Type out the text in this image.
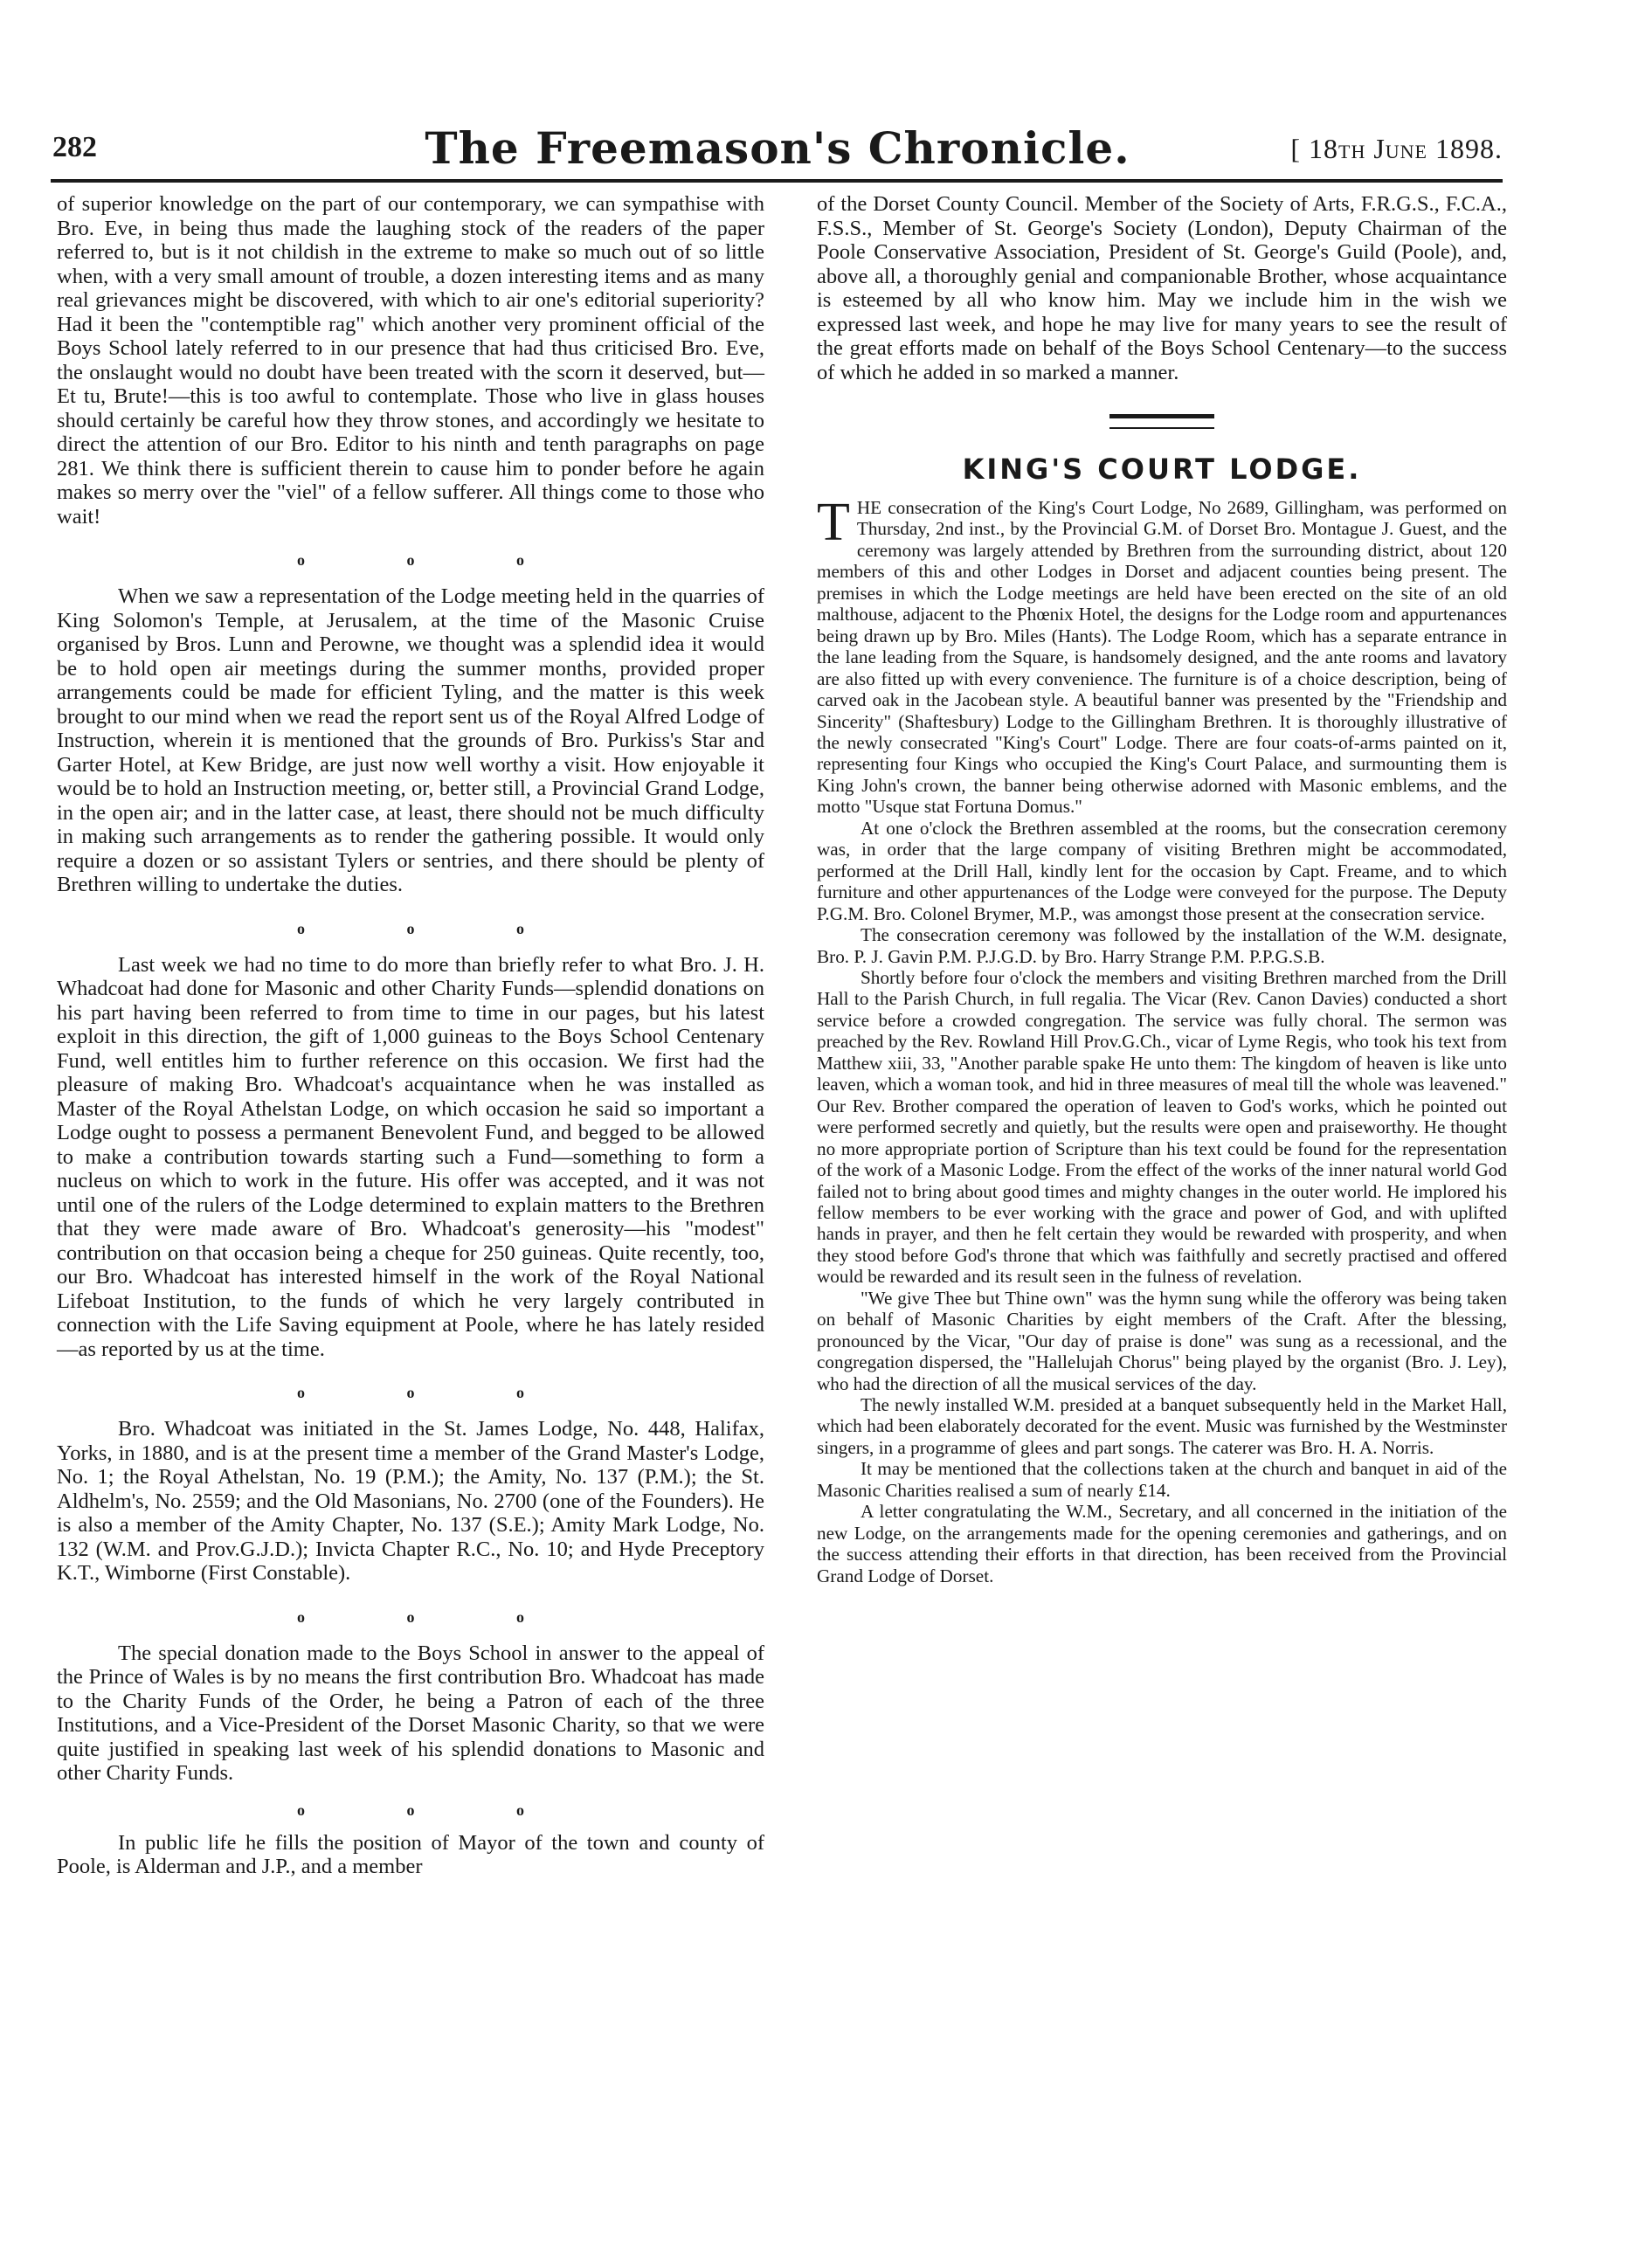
282	The Freemason's Chronicle.	[ 18th June 1898.

of superior knowledge on the part of our contemporary, we can sympathise with Bro. Eve, in being thus made the laughing stock of the readers of the paper referred to, but is it not childish in the extreme to make so much out of so little when, with a very small amount of trouble, a dozen interesting items and as many real grievances might be discovered, with which to air one's editorial superiority? Had it been the "contemptible rag" which another very prominent official of the Boys School lately referred to in our presence that had thus criticised Bro. Eve, the onslaught would no doubt have been treated with the scorn it deserved, but—Et tu, Brute!—this is too awful to contemplate. Those who live in glass houses should certainly be careful how they throw stones, and accordingly we hesitate to direct the attention of our Bro. Editor to his ninth and tenth paragraphs on page 281. We think there is sufficient therein to cause him to ponder before he again makes so merry over the "viel" of a fellow sufferer. All things come to those who wait!

o o o

When we saw a representation of the Lodge meeting held in the quarries of King Solomon's Temple, at Jerusalem, at the time of the Masonic Cruise organised by Bros. Lunn and Perowne, we thought was a splendid idea it would be to hold open air meetings during the summer months, provided proper arrangements could be made for efficient Tyling, and the matter is this week brought to our mind when we read the report sent us of the Royal Alfred Lodge of Instruction, wherein it is mentioned that the grounds of Bro. Purkiss's Star and Garter Hotel, at Kew Bridge, are just now well worthy a visit. How enjoyable it would be to hold an Instruction meeting, or, better still, a Provincial Grand Lodge, in the open air; and in the latter case, at least, there should not be much difficulty in making such arrangements as to render the gathering possible. It would only require a dozen or so assistant Tylers or sentries, and there should be plenty of Brethren willing to undertake the duties.

o o o

Last week we had no time to do more than briefly refer to what Bro. J. H. Whadcoat had done for Masonic and other Charity Funds—splendid donations on his part having been referred to from time to time in our pages, but his latest exploit in this direction, the gift of 1,000 guineas to the Boys School Centenary Fund, well entitles him to further reference on this occasion. We first had the pleasure of making Bro. Whadcoat's acquaintance when he was installed as Master of the Royal Athelstan Lodge, on which occasion he said so important a Lodge ought to possess a permanent Benevolent Fund, and begged to be allowed to make a contribution towards starting such a Fund—something to form a nucleus on which to work in the future. His offer was accepted, and it was not until one of the rulers of the Lodge determined to explain matters to the Brethren that they were made aware of Bro. Whadcoat's generosity—his "modest" contribution on that occasion being a cheque for 250 guineas. Quite recently, too, our Bro. Whadcoat has interested himself in the work of the Royal National Lifeboat Institution, to the funds of which he very largely contributed in connection with the Life Saving equipment at Poole, where he has lately resided—as reported by us at the time.

o o o

Bro. Whadcoat was initiated in the St. James Lodge, No. 448, Halifax, Yorks, in 1880, and is at the present time a member of the Grand Master's Lodge, No. 1; the Royal Athelstan, No. 19 (P.M.); the Amity, No. 137 (P.M.); the St. Aldhelm's, No. 2559; and the Old Masonians, No. 2700 (one of the Founders). He is also a member of the Amity Chapter, No. 137 (S.E.); Amity Mark Lodge, No. 132 (W.M. and Prov.G.J.D.); Invicta Chapter R.C., No. 10; and Hyde Preceptory K.T., Wimborne (First Constable).

o o o

The special donation made to the Boys School in answer to the appeal of the Prince of Wales is by no means the first contribution Bro. Whadcoat has made to the Charity Funds of the Order, he being a Patron of each of the three Institutions, and a Vice-President of the Dorset Masonic Charity, so that we were quite justified in speaking last week of his splendid donations to Masonic and other Charity Funds.

o o o

In public life he fills the position of Mayor of the town and county of Poole, is Alderman and J.P., and a member

of the Dorset County Council. Member of the Society of Arts, F.R.G.S., F.C.A., F.S.S., Member of St. George's Society (London), Deputy Chairman of the Poole Conservative Association, President of St. George's Guild (Poole), and, above all, a thoroughly genial and companionable Brother, whose acquaintance is esteemed by all who know him. May we include him in the wish we expressed last week, and hope he may live for many years to see the result of the great efforts made on behalf of the Boys School Centenary—to the success of which he added in so marked a manner.

KING'S COURT LODGE.

THE consecration of the King's Court Lodge, No 2689, Gillingham, was performed on Thursday, 2nd inst., by the Provincial G.M. of Dorset Bro. Montague J. Guest, and the ceremony was largely attended by Brethren from the surrounding district, about 120 members of this and other Lodges in Dorset and adjacent counties being present. The premises in which the Lodge meetings are held have been erected on the site of an old malthouse, adjacent to the Phœnix Hotel, the designs for the Lodge room and appurtenances being drawn up by Bro. Miles (Hants). The Lodge Room, which has a separate entrance in the lane leading from the Square, is handsomely designed, and the ante rooms and lavatory are also fitted up with every convenience. The furniture is of a choice description, being of carved oak in the Jacobean style. A beautiful banner was presented by the "Friendship and Sincerity" (Shaftesbury) Lodge to the Gillingham Brethren. It is thoroughly illustrative of the newly consecrated "King's Court" Lodge. There are four coats-of-arms painted on it, representing four Kings who occupied the King's Court Palace, and surmounting them is King John's crown, the banner being otherwise adorned with Masonic emblems, and the motto "Usque stat Fortuna Domus."

At one o'clock the Brethren assembled at the rooms, but the consecration ceremony was, in order that the large company of visiting Brethren might be accommodated, performed at the Drill Hall, kindly lent for the occasion by Capt. Freame, and to which furniture and other appurtenances of the Lodge were conveyed for the purpose. The Deputy P.G.M. Bro. Colonel Brymer, M.P., was amongst those present at the consecration service.

The consecration ceremony was followed by the installation of the W.M. designate, Bro. P. J. Gavin P.M. P.J.G.D. by Bro. Harry Strange P.M. P.P.G.S.B.

Shortly before four o'clock the members and visiting Brethren marched from the Drill Hall to the Parish Church, in full regalia. The Vicar (Rev. Canon Davies) conducted a short service before a crowded congregation. The service was fully choral. The sermon was preached by the Rev. Rowland Hill Prov.G.Ch., vicar of Lyme Regis, who took his text from Matthew xiii, 33, "Another parable spake He unto them: The kingdom of heaven is like unto leaven, which a woman took, and hid in three measures of meal till the whole was leavened." Our Rev. Brother compared the operation of leaven to God's works, which he pointed out were performed secretly and quietly, but the results were open and praiseworthy. He thought no more appropriate portion of Scripture than his text could be found for the representation of the work of a Masonic Lodge. From the effect of the works of the inner natural world God failed not to bring about good times and mighty changes in the outer world. He implored his fellow members to be ever working with the grace and power of God, and with uplifted hands in prayer, and then he felt certain they would be rewarded with prosperity, and when they stood before God's throne that which was faithfully and secretly practised and offered would be rewarded and its result seen in the fulness of revelation.

"We give Thee but Thine own" was the hymn sung while the offerory was being taken on behalf of Masonic Charities by eight members of the Craft. After the blessing, pronounced by the Vicar, "Our day of praise is done" was sung as a recessional, and the congregation dispersed, the "Hallelujah Chorus" being played by the organist (Bro. J. Ley), who had the direction of all the musical services of the day.

The newly installed W.M. presided at a banquet subsequently held in the Market Hall, which had been elaborately decorated for the event. Music was furnished by the Westminster singers, in a programme of glees and part songs. The caterer was Bro. H. A. Norris.

It may be mentioned that the collections taken at the church and banquet in aid of the Masonic Charities realised a sum of nearly £14.

A letter congratulating the W.M., Secretary, and all concerned in the initiation of the new Lodge, on the arrangements made for the opening ceremonies and gatherings, and on the success attending their efforts in that direction, has been received from the Provincial Grand Lodge of Dorset.
